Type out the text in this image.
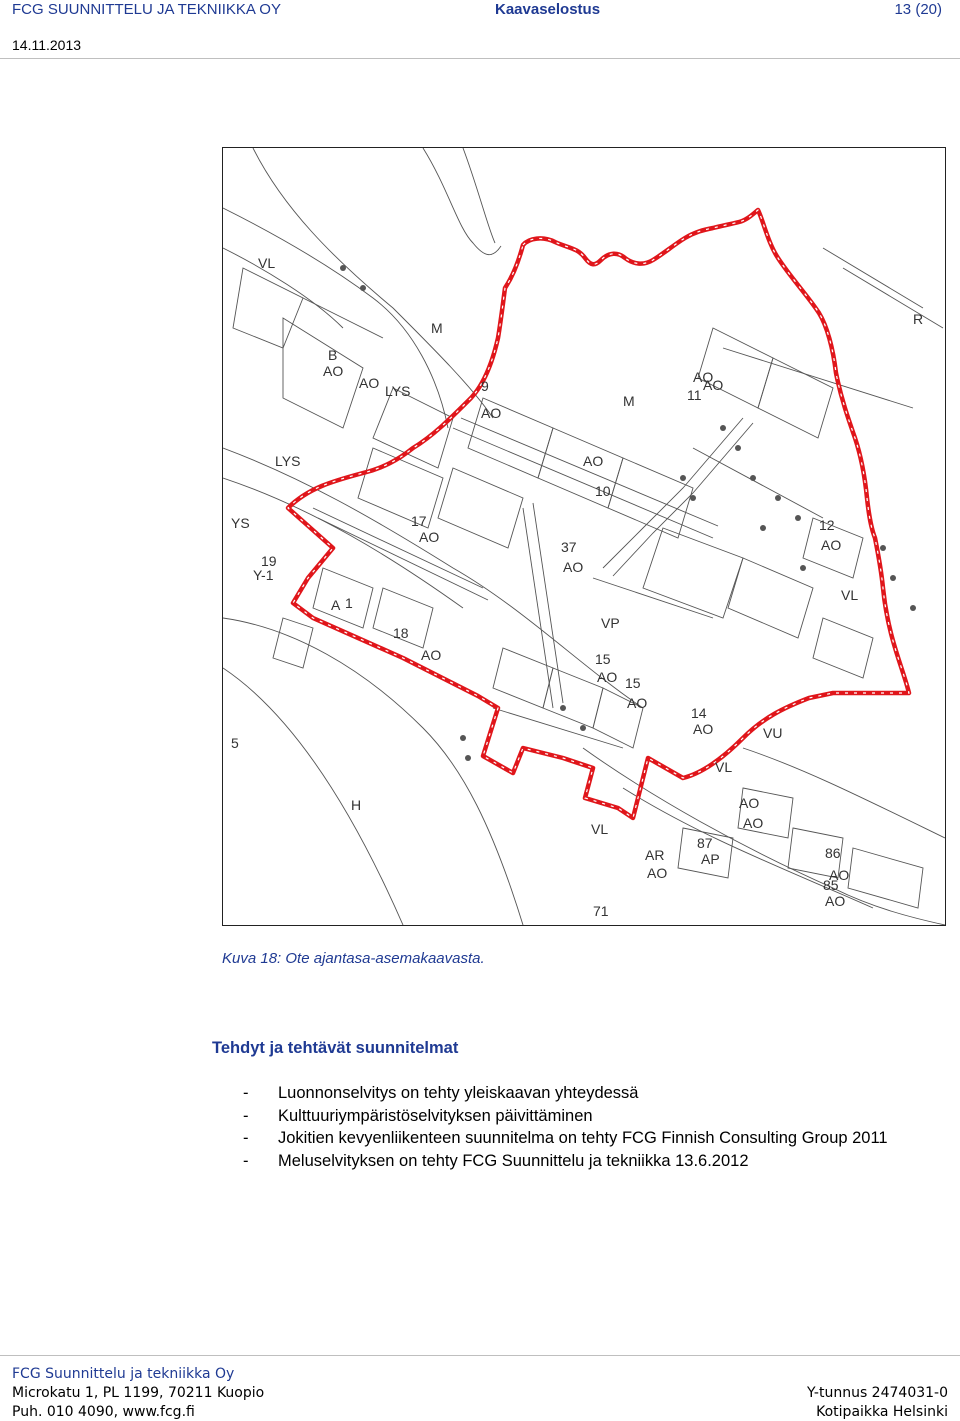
FCG SUUNNITTELU JA TEKNIIKKA OY	Kaavaselostus	13 (20)
14.11.2013
VL
M
M
B
AO
AO	9
AO
AO
AO
10
11
AO
12
AO
VL
17
AO
37
AO
VP
19
Y-1
A 1
18
AO	15
AO 15
AO
14
AO	VU
AO
AO
VL
87
AP
AR
AO
86
AO
85
AO
H
VL
71
5
R
LYS
YS
LYS
Kuva 18: Ote ajantasa-asemakaavasta.
Tehdyt ja tehtävät suunnitelmat
- Luonnonselvitys on tehty yleiskaavan yhteydessä
- Kulttuuriympäristöselvityksen päivittäminen
- Jokitien kevyenliikenteen suunnitelma on tehty FCG Finnish Consulting Group 2011
- Meluselvityksen on tehty FCG Suunnittelu ja tekniikka 13.6.2012
FCG Suunnittelu ja tekniikka Oy
Microkatu 1, PL 1199, 70211 Kuopio
Puh. 010 4090, www.fcg.fi
Y-tunnus 2474031-0
Kotipaikka Helsinki
